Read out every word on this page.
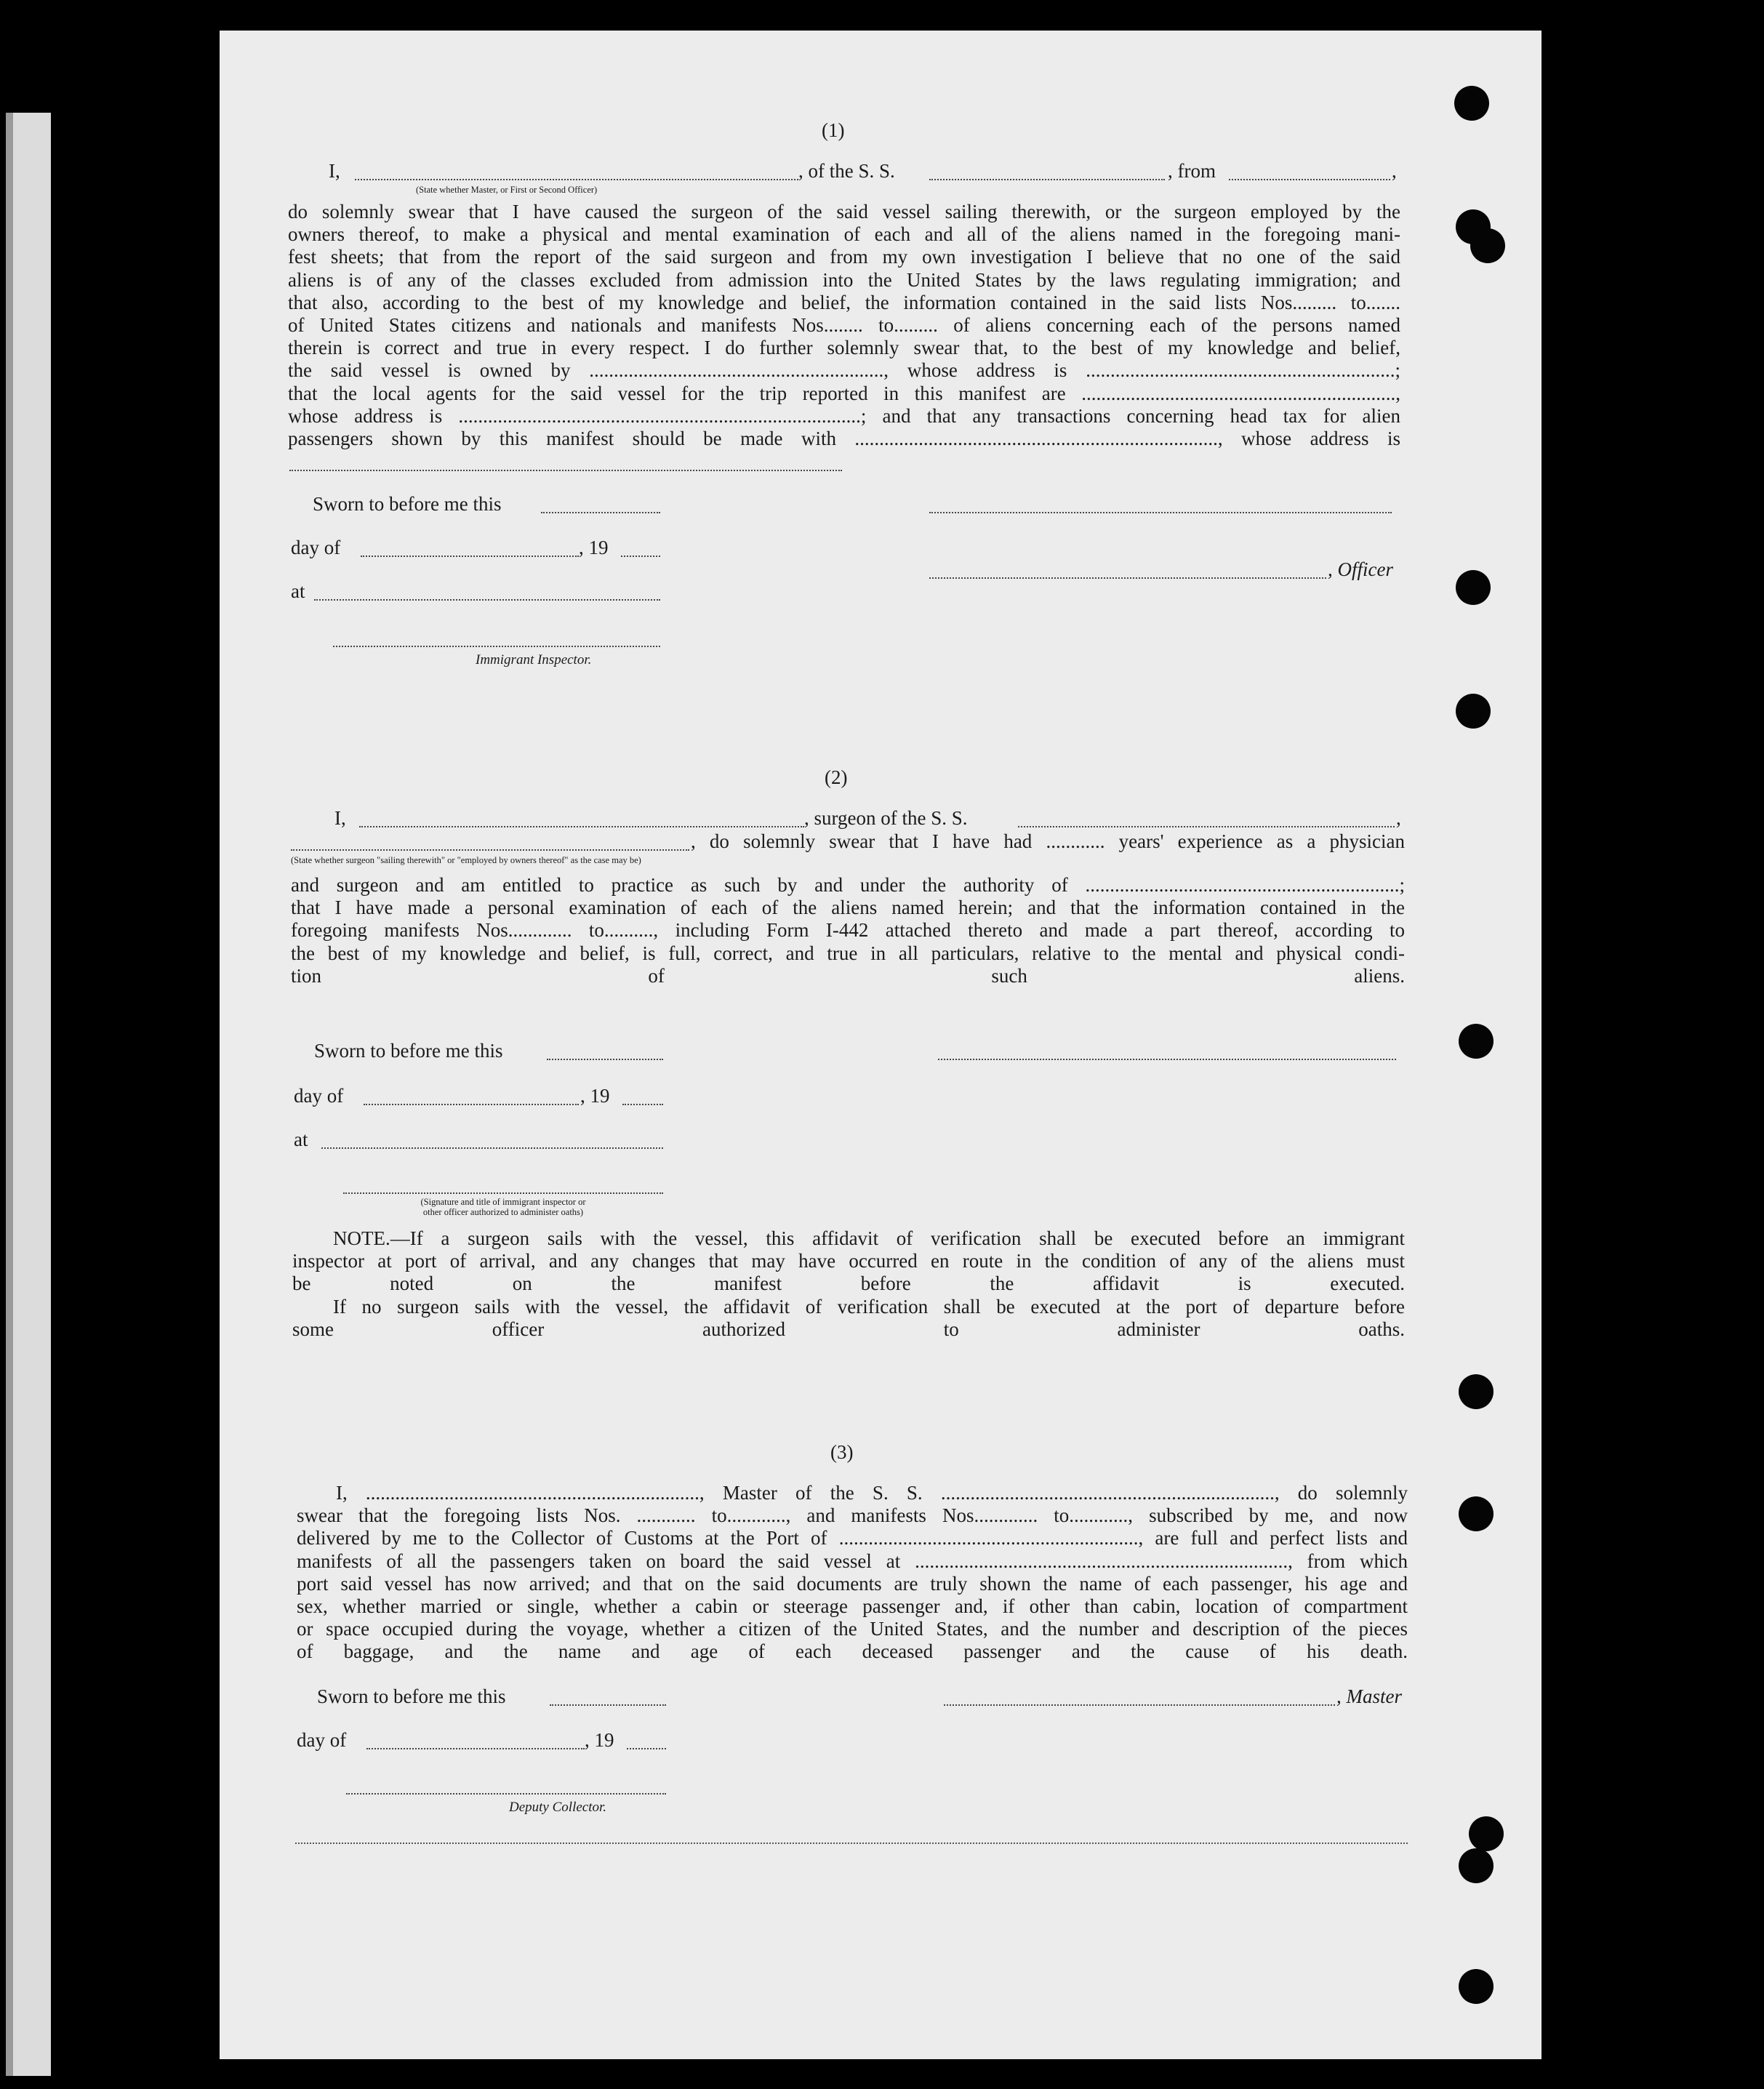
(1)
I,	, of the S. S.	, from	,
(State whether Master, or First or Second Officer)
do solemnly swear that I have caused the surgeon of the said vessel sailing therewith, or the surgeon employed by the
owners thereof, to make a physical and mental examination of each and all of the aliens named in the foregoing mani-
fest sheets; that from the report of the said surgeon and from my own investigation I believe that no one of the said
aliens is of any of the classes excluded from admission into the United States by the laws regulating immigration; and
that also, according to the best of my knowledge and belief, the information contained in the said lists Nos......... to.......
of United States citizens and nationals and manifests Nos........ to......... of aliens concerning each of the persons named
therein is correct and true in every respect. I do further solemnly swear that, to the best of my knowledge and belief,
the said vessel is owned by ............................................................, whose address is ...............................................................;
that the local agents for the said vessel for the trip reported in this manifest are ................................................................,
whose address is ..................................................................................; and that any transactions concerning head tax for alien
passengers shown by this manifest should be made with .........................................................................., whose address is
Sworn to before me this
day of	, 19
, Officer
at
Immigrant Inspector.
(2)
I,	, surgeon of the S. S.	,
, do solemnly swear that I have had ............ years' experience as a physician
(State whether surgeon "sailing therewith" or "employed by owners thereof" as the case may be)
and surgeon and am entitled to practice as such by and under the authority of ................................................................;
that I have made a personal examination of each of the aliens named herein; and that the information contained in the
foregoing manifests Nos............. to.........., including Form I-442 attached thereto and made a part thereof, according to
the best of my knowledge and belief, is full, correct, and true in all particulars, relative to the mental and physical condi-
tion of such aliens.
Sworn to before me this
day of	, 19
at
(Signature and title of immigrant inspector or
other officer authorized to administer oaths)
NOTE.—If a surgeon sails with the vessel, this affidavit of verification shall be executed before an immigrant
inspector at port of arrival, and any changes that may have occurred en route in the condition of any of the aliens must
be noted on the manifest before the affidavit is executed.
If no surgeon sails with the vessel, the affidavit of verification shall be executed at the port of departure before
some officer authorized to administer oaths.
(3)
I, ...................................................................., Master of the S. S. ...................................................................., do solemnly
swear that the foregoing lists Nos. ............ to............, and manifests Nos............. to............, subscribed by me, and now
delivered by me to the Collector of Customs at the Port of ............................................................., are full and perfect lists and
manifests of all the passengers taken on board the said vessel at ............................................................................, from which
port said vessel has now arrived; and that on the said documents are truly shown the name of each passenger, his age and
sex, whether married or single, whether a cabin or steerage passenger and, if other than cabin, location of compartment
or space occupied during the voyage, whether a citizen of the United States, and the number and description of the pieces
of baggage, and the name and age of each deceased passenger and the cause of his death.
Sworn to before me this	, Master
day of	, 19
Deputy Collector.
